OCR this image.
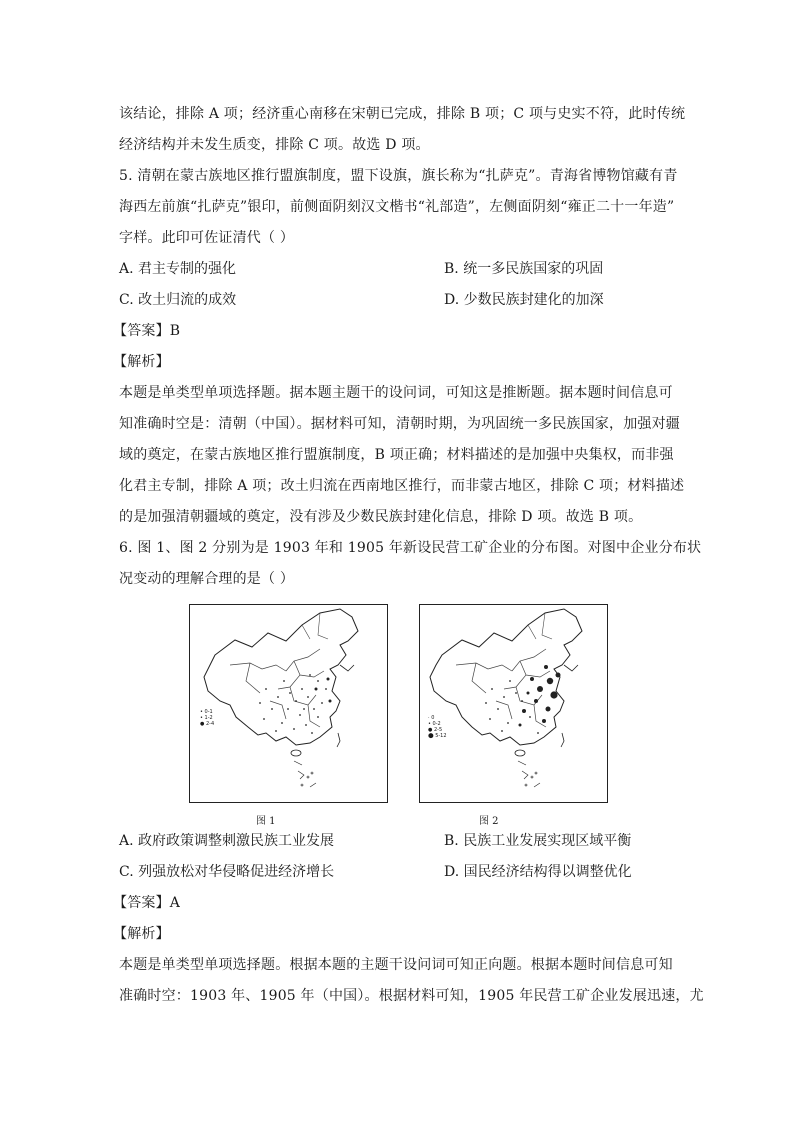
该结论，排除 A 项；经济重心南移在宋朝已完成，排除 B 项；C 项与史实不符，此时传统
经济结构并未发生质变，排除 C 项。故选 D 项。
5. 清朝在蒙古族地区推行盟旗制度，盟下设旗，旗长称为“扎萨克”。青海省博物馆藏有青
海西左前旗“扎萨克”银印，前侧面阴刻汉文楷书“礼部造”，左侧面阴刻“雍正二十一年造”
字样。此印可佐证清代（ ）
A. 君主专制的强化	B. 统一多民族国家的巩固
C. 改土归流的成效	D. 少数民族封建化的加深
【答案】B
【解析】
本题是单类型单项选择题。据本题主题干的设问词，可知这是推断题。据本题时间信息可
知准确时空是：清朝（中国）。据材料可知，清朝时期，为巩固统一多民族国家，加强对疆
域的奠定，在蒙古族地区推行盟旗制度，B 项正确；材料描述的是加强中央集权，而非强
化君主专制，排除 A 项；改土归流在西南地区推行，而非蒙古地区，排除 C 项；材料描述
的是加强清朝疆域的奠定，没有涉及少数民族封建化信息，排除 D 项。故选 B 项。
6. 图 1、图 2 分别为是 1903 年和 1905 年新设民营工矿企业的分布图。对图中企业分布状
况变动的理解合理的是（ ）
• 0-1
• 1-2
● 2-4
图 1
· 0
• 0-2
● 2-5
⬤ 5-12
图 2
A. 政府政策调整刺激民族工业发展	B. 民族工业发展实现区域平衡
C. 列强放松对华侵略促进经济增长	D. 国民经济结构得以调整优化
【答案】A
【解析】
本题是单类型单项选择题。根据本题的主题干设问词可知正向题。根据本题时间信息可知
准确时空：1903 年、1905 年（中国）。根据材料可知，1905 年民营工矿企业发展迅速，尤
